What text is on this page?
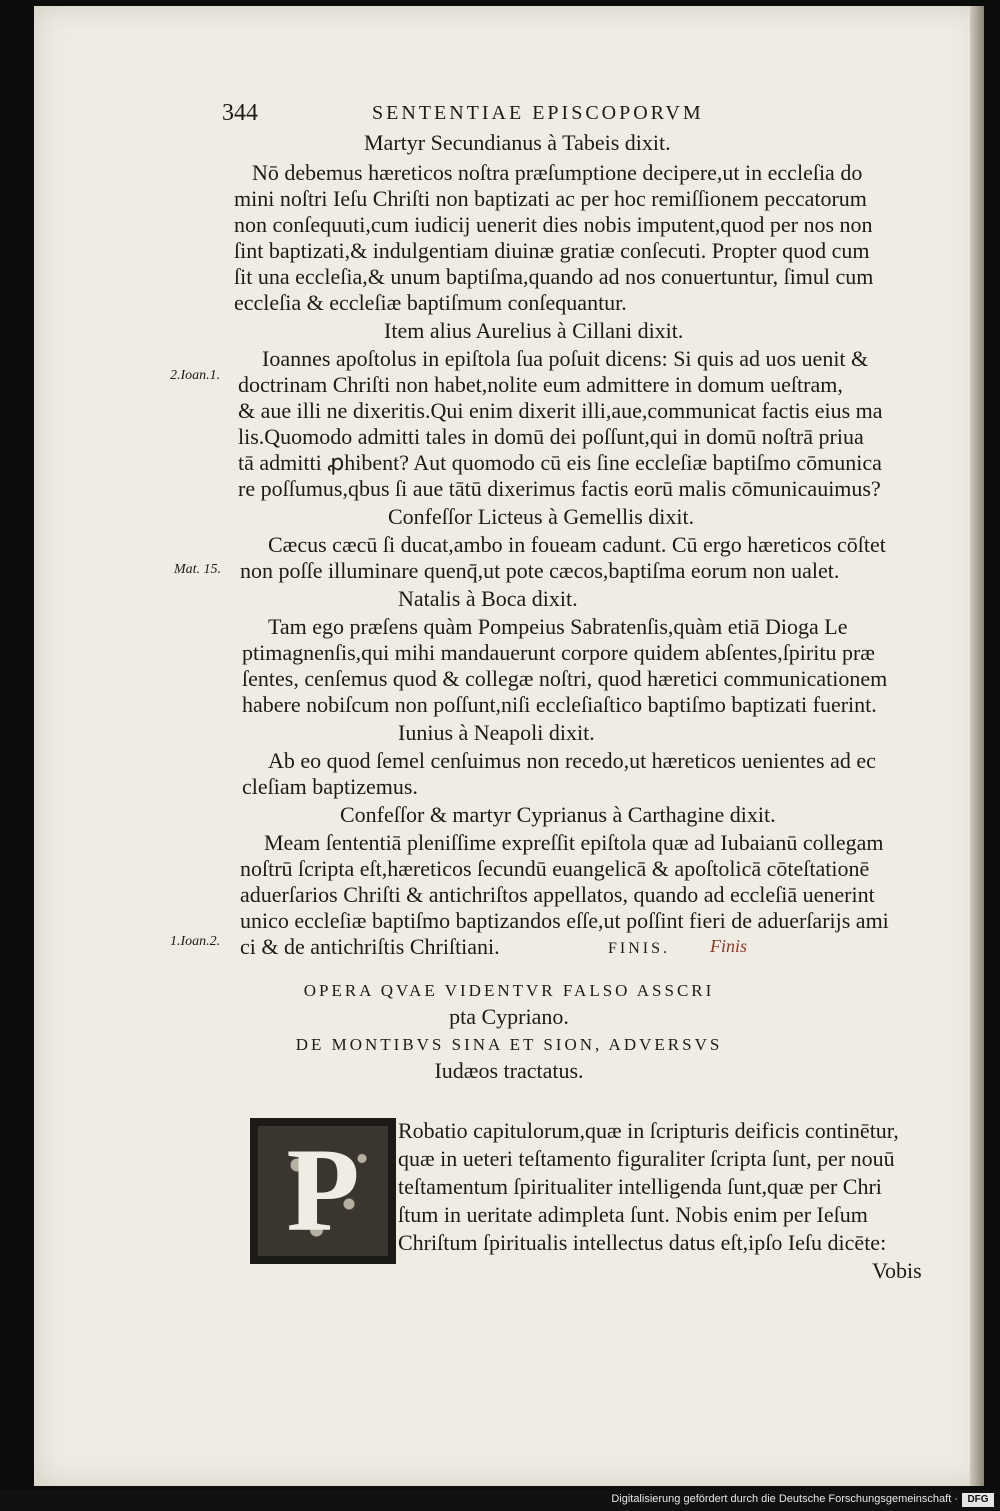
344	SENTENTIAE EPISCOPORVM
Martyr Secundianus à Tabeis dixit.
Nō debemus hæreticos noſtra præſumptione decipere,ut in eccleſia do
mini noſtri Ieſu Chriſti non baptizati ac per hoc remiſſionem peccatorum
non conſequuti,cum iudicij uenerit dies nobis imputent,quod per nos non
ſint baptizati,& indulgentiam diuinæ gratiæ conſecuti. Propter quod cum
ſit una eccleſia,& unum baptiſma,quando ad nos conuertuntur, ſimul cum
eccleſia & eccleſiæ baptiſmum conſequantur.
Item alius Aurelius à Cillani dixit.
Ioannes apoſtolus in epiſtola ſua poſuit dicens: Si quis ad uos uenit &
doctrinam Chriſti non habet,nolite eum admittere in domum ueſtram,
& aue illi ne dixeritis.Qui enim dixerit illi,aue,communicat factis eius ma
lis.Quomodo admitti tales in domū dei poſſunt,qui in domū noſtrā priua
tā admitti ꝓhibent? Aut quomodo cū eis ſine eccleſiæ baptiſmo cōmunica
re poſſumus,qbus ſi aue tātū dixerimus factis eorū malis cōmunicauimus?
Confeſſor Licteus à Gemellis dixit.
Cæcus cæcū ſi ducat,ambo in foueam cadunt. Cū ergo hæreticos cōſtet
non poſſe illuminare quenq̄,ut pote cæcos,baptiſma eorum non ualet.
Natalis à Boca dixit.
Tam ego præſens quàm Pompeius Sabratenſis,quàm etiā Dioga Le
ptimagnenſis,qui mihi mandauerunt corpore quidem abſentes,ſpiritu præ
ſentes, cenſemus quod & collegæ noſtri, quod hæretici communicationem
habere nobiſcum non poſſunt,niſi eccleſiaſtico baptiſmo baptizati fuerint.
Iunius à Neapoli dixit.
Ab eo quod ſemel cenſuimus non recedo,ut hæreticos uenientes ad ec
cleſiam baptizemus.
Confeſſor & martyr Cyprianus à Carthagine dixit.
Meam ſententiā pleniſſime expreſſit epiſtola quæ ad Iubaianū collegam
noſtrū ſcripta eſt,hæreticos ſecundū euangelicā & apoſtolicā cōteſtationē
aduerſarios Chriſti & antichriſtos appellatos, quando ad eccleſiā uenerint
unico eccleſiæ baptiſmo baptizandos eſſe,ut poſſint fieri de aduerſarijs ami
ci & de antichriſtis Chriſtiani.	FINIS. Finis
2.Ioan.1.
Mat. 15.
1.Ioan.2.
OPERA QVAE VIDENTVR FALSO ASSCRI
pta Cypriano.
DE MONTIBVS SINA ET SION, ADVERSVS
Iudæos tractatus.
P	Robatio capitulorum,quæ in ſcripturis deificis continētur,
quæ in ueteri teſtamento figuraliter ſcripta ſunt, per nouū
teſtamentum ſpiritualiter intelligenda ſunt,quæ per Chri
ſtum in ueritate adimpleta ſunt. Nobis enim per Ieſum
Chriſtum ſpiritualis intellectus datus eſt,ipſo Ieſu dicēte:
Vobis
Digitalisierung gefördert durch die Deutsche Forschungsgemeinschaft · DFG
